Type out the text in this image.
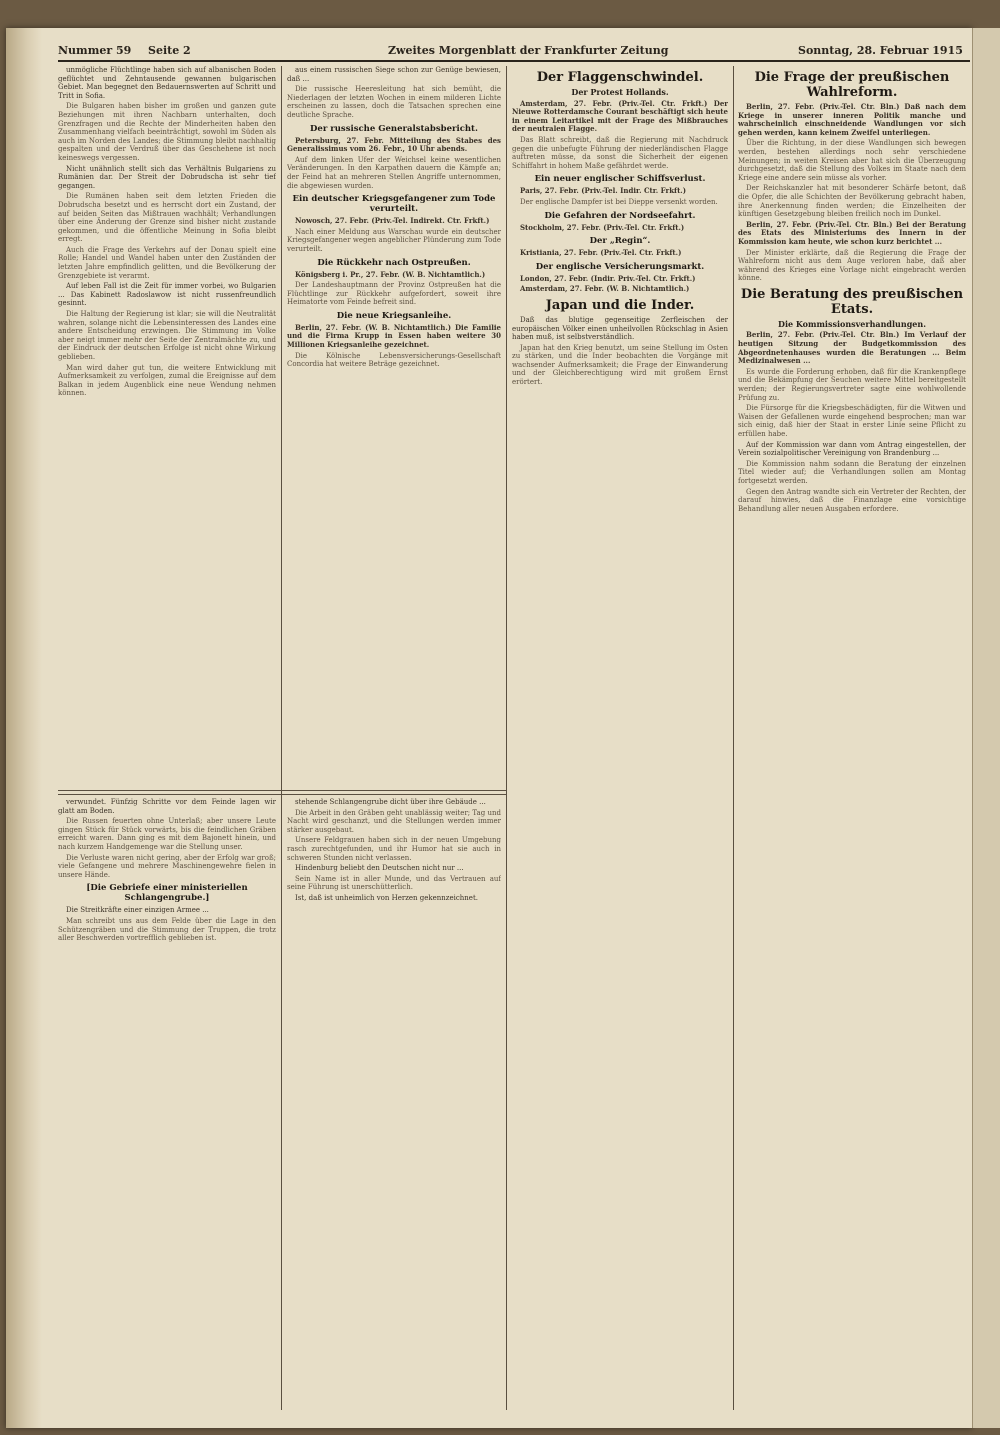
Nummer 59 Seite 2	Zweites Morgenblatt der Frankfurter Zeitung	Sonntag, 28. Februar 1915

unmögliche Flüchtlinge haben sich auf albanischen Boden geflüchtet und Zehntausende gewannen bulgarischen Gebiet. Man begegnet den Bedauernswerten auf Schritt und Tritt in Sofia.

Die Bulgaren haben bisher im großen und ganzen gute Beziehungen mit ihren Nachbarn unterhalten, doch Grenzfragen und die Rechte der Minderheiten haben den Zusammenhang vielfach beeinträchtigt, sowohl im Süden als auch im Norden des Landes; die Stimmung bleibt nachhaltig gespalten und der Verdruß über das Geschehene ist noch keineswegs vergessen.

Nicht unähnlich stellt sich das Verhältnis Bulgariens zu Rumänien dar. Der Streit der Dobrudscha ist sehr tief gegangen.

Die Rumänen haben seit dem letzten Frieden die Dobrudscha besetzt und es herrscht dort ein Zustand, der auf beiden Seiten das Mißtrauen wachhält; Verhandlungen über eine Änderung der Grenze sind bisher nicht zustande gekommen, und die öffentliche Meinung in Sofia bleibt erregt.

Auch die Frage des Verkehrs auf der Donau spielt eine Rolle; Handel und Wandel haben unter den Zuständen der letzten Jahre empfindlich gelitten, und die Bevölkerung der Grenzgebiete ist verarmt.

Auf leben Fall ist die Zeit für immer vorbei, wo Bulgarien ... Das Kabinett Radoslawow ist nicht russenfreundlich gesinnt.

Die Haltung der Regierung ist klar; sie will die Neutralität wahren, solange nicht die Lebensinteressen des Landes eine andere Entscheidung erzwingen. Die Stimmung im Volke aber neigt immer mehr der Seite der Zentralmächte zu, und der Eindruck der deutschen Erfolge ist nicht ohne Wirkung geblieben.

Man wird daher gut tun, die weitere Entwicklung mit Aufmerksamkeit zu verfolgen, zumal die Ereignisse auf dem Balkan in jedem Augenblick eine neue Wendung nehmen können.

aus einem russischen Siege schon zur Genüge bewiesen, daß ...

Die russische Heeresleitung hat sich bemüht, die Niederlagen der letzten Wochen in einem milderen Lichte erscheinen zu lassen, doch die Tatsachen sprechen eine deutliche Sprache.

Der russische Generalstabsbericht.

Petersburg, 27. Febr. Mitteilung des Stabes des Generalissimus vom 26. Febr., 10 Uhr abends.

Auf dem linken Ufer der Weichsel keine wesentlichen Veränderungen. In den Karpathen dauern die Kämpfe an; der Feind hat an mehreren Stellen Angriffe unternommen, die abgewiesen wurden.

Ein deutscher Kriegsgefangener zum Tode verurteilt.

Nowosch, 27. Febr. (Priv.-Tel. Indirekt. Ctr. Frkft.)

Nach einer Meldung aus Warschau wurde ein deutscher Kriegsgefangener wegen angeblicher Plünderung zum Tode verurteilt.

Die Rückkehr nach Ostpreußen.

Königsberg i. Pr., 27. Febr. (W. B. Nichtamtlich.)

Der Landeshauptmann der Provinz Ostpreußen hat die Flüchtlinge zur Rückkehr aufgefordert, soweit ihre Heimatorte vom Feinde befreit sind.

Die neue Kriegsanleihe.

Berlin, 27. Febr. (W. B. Nichtamtlich.) Die Familie und die Firma Krupp in Essen haben weitere 30 Millionen Kriegsanleihe gezeichnet.

Die Kölnische Lebensversicherungs-Gesellschaft Concordia hat weitere Beträge gezeichnet.

Der Flaggenschwindel.
Der Protest Hollands.

Amsterdam, 27. Febr. (Priv.-Tel. Ctr. Frkft.) Der Nieuwe Rotterdamsche Courant beschäftigt sich heute in einem Leitartikel mit der Frage des Mißbrauches der neutralen Flagge.

Das Blatt schreibt, daß die Regierung mit Nachdruck gegen die unbefugte Führung der niederländischen Flagge auftreten müsse, da sonst die Sicherheit der eigenen Schiffahrt in hohem Maße gefährdet werde.

Ein neuer englischer Schiffsverlust.

Paris, 27. Febr. (Priv.-Tel. Indir. Ctr. Frkft.)

Der englische Dampfer ist bei Dieppe versenkt worden.

Die Gefahren der Nordseefahrt.

Stockholm, 27. Febr. (Priv.-Tel. Ctr. Frkft.)

Der „Regin“.

Kristiania, 27. Febr. (Priv.-Tel. Ctr. Frkft.)

Der englische Versicherungsmarkt.

London, 27. Febr. (Indir. Priv.-Tel. Ctr. Frkft.)

Amsterdam, 27. Febr. (W. B. Nichtamtlich.)

Japan und die Inder.

Daß das blutige gegenseitige Zerfleischen der europäischen Völker einen unheilvollen Rückschlag in Asien haben muß, ist selbstverständlich.

Japan hat den Krieg benutzt, um seine Stellung im Osten zu stärken, und die Inder beobachten die Vorgänge mit wachsender Aufmerksamkeit; die Frage der Einwanderung und der Gleichberechtigung wird mit großem Ernst erörtert.

Die Frage der preußischen Wahlreform.

Berlin, 27. Febr. (Priv.-Tel. Ctr. Bln.) Daß nach dem Kriege in unserer inneren Politik manche und wahrscheinlich einschneidende Wandlungen vor sich gehen werden, kann keinem Zweifel unterliegen.

Über die Richtung, in der diese Wandlungen sich bewegen werden, bestehen allerdings noch sehr verschiedene Meinungen; in weiten Kreisen aber hat sich die Überzeugung durchgesetzt, daß die Stellung des Volkes im Staate nach dem Kriege eine andere sein müsse als vorher.

Der Reichskanzler hat mit besonderer Schärfe betont, daß die Opfer, die alle Schichten der Bevölkerung gebracht haben, ihre Anerkennung finden werden; die Einzelheiten der künftigen Gesetzgebung bleiben freilich noch im Dunkel.

Berlin, 27. Febr. (Priv.-Tel. Ctr. Bln.) Bei der Beratung des Etats des Ministeriums des Innern in der Kommission kam heute, wie schon kurz berichtet ...

Der Minister erklärte, daß die Regierung die Frage der Wahlreform nicht aus dem Auge verloren habe, daß aber während des Krieges eine Vorlage nicht eingebracht werden könne.

Die Beratung des preußischen Etats.
Die Kommissionsverhandlungen.

Berlin, 27. Febr. (Priv.-Tel. Ctr. Bln.) Im Verlauf der heutigen Sitzung der Budgetkommission des Abgeordnetenhauses wurden die Beratungen ... Beim Medizinalwesen ...

Es wurde die Forderung erhoben, daß für die Krankenpflege und die Bekämpfung der Seuchen weitere Mittel bereitgestellt werden; der Regierungsvertreter sagte eine wohlwollende Prüfung zu.

Die Fürsorge für die Kriegsbeschädigten, für die Witwen und Waisen der Gefallenen wurde eingehend besprochen; man war sich einig, daß hier der Staat in erster Linie seine Pflicht zu erfüllen habe.

Auf der Kommission war dann vom Antrag eingestellen, der Verein sozialpolitischer Vereinigung von Brandenburg ...

Die Kommission nahm sodann die Beratung der einzelnen Titel wieder auf; die Verhandlungen sollen am Montag fortgesetzt werden.

Gegen den Antrag wandte sich ein Vertreter der Rechten, der darauf hinwies, daß die Finanzlage eine vorsichtige Behandlung aller neuen Ausgaben erfordere.

verwundet. Fünfzig Schritte vor dem Feinde lagen wir glatt am Boden.

Die Russen feuerten ohne Unterlaß; aber unsere Leute gingen Stück für Stück vorwärts, bis die feindlichen Gräben erreicht waren. Dann ging es mit dem Bajonett hinein, und nach kurzem Handgemenge war die Stellung unser.

Die Verluste waren nicht gering, aber der Erfolg war groß; viele Gefangene und mehrere Maschinengewehre fielen in unsere Hände.

[Die Gebriefe einer ministeriellen Schlangengrube.]

Die Streitkräfte einer einzigen Armee ...

Man schreibt uns aus dem Felde über die Lage in den Schützengräben und die Stimmung der Truppen, die trotz aller Beschwerden vortrefflich geblieben ist.

stehende Schlangengrube dicht über ihre Gebäude ...

Die Arbeit in den Gräben geht unablässig weiter; Tag und Nacht wird geschanzt, und die Stellungen werden immer stärker ausgebaut.

Unsere Feldgrauen haben sich in der neuen Umgebung rasch zurechtgefunden, und ihr Humor hat sie auch in schweren Stunden nicht verlassen.

Hindenburg beliebt den Deutschen nicht nur ...

Sein Name ist in aller Munde, und das Vertrauen auf seine Führung ist unerschütterlich.

Ist, daß ist unheimlich von Herzen gekennzeichnet.
